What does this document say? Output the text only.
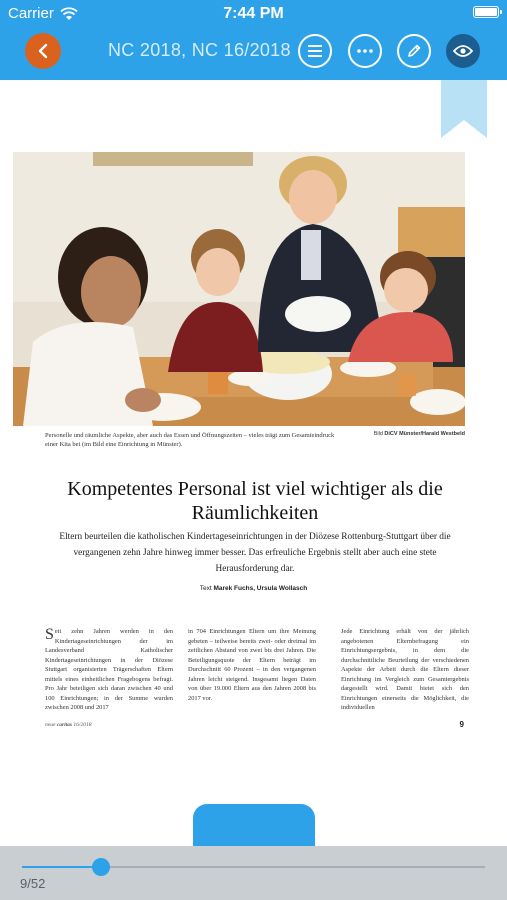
Carrier	7:44 PM
NC 2018, NC 16/2018
Personelle und räumliche Aspekte, aber auch das Essen und Öffnungszeiten – vieles trägt zum Gesamteindruck einer Kita bei (im Bild eine Einrichtung in Münster).
Bild DiCV Münster/Harald Westbeld
Kompetentes Personal ist viel wichtiger als die Räumlichkeiten
Eltern beurteilen die katholischen Kindertageseinrichtungen in der Diözese Rottenburg-Stuttgart über die vergangenen zehn Jahre hinweg immer besser. Das erfreuliche Ergebnis stellt aber auch eine stete Herausforderung dar.
Text Marek Fuchs, Ursula Wollasch
S eit zehn Jahren werden in den Kindertageseinrichtungen der im Landesverband Katholischer Kindertageseinrichtungen in der Diözese Stuttgart organisierten Trägerschaften Eltern mittels eines einheitlichen Fragebogens befragt. Pro Jahr beteiligen sich daran zwischen 40 und 100 Einrichtungen; in der Summe wurden zwischen 2008 und 2017
in 704 Einrichtungen Eltern um ihre Meinung gebeten – teilweise bereits zwei- oder dreimal im zeitlichen Abstand von zwei bis drei Jahren. Die Beteiligungsquote der Eltern beträgt im Durchschnitt 60 Prozent – in den vergangenen Jahren leicht steigend. Insgesamt liegen Daten von über 19.000 Eltern aus den Jahren 2008 bis 2017 vor.
Jede Einrichtung erhält von der jährlich angebotenen Elternbefragung ein Einrichtungsergebnis, in dem die durchschnittliche Beurteilung der verschiedenen Aspekte der Arbeit durch die Eltern dieser Einrichtung im Vergleich zum Gesamtergebnis dargestellt wird. Damit bietet sich den Einrichtungen einerseits die Möglichkeit, die individuellen
neue caritas 16/2018	9
9/52
